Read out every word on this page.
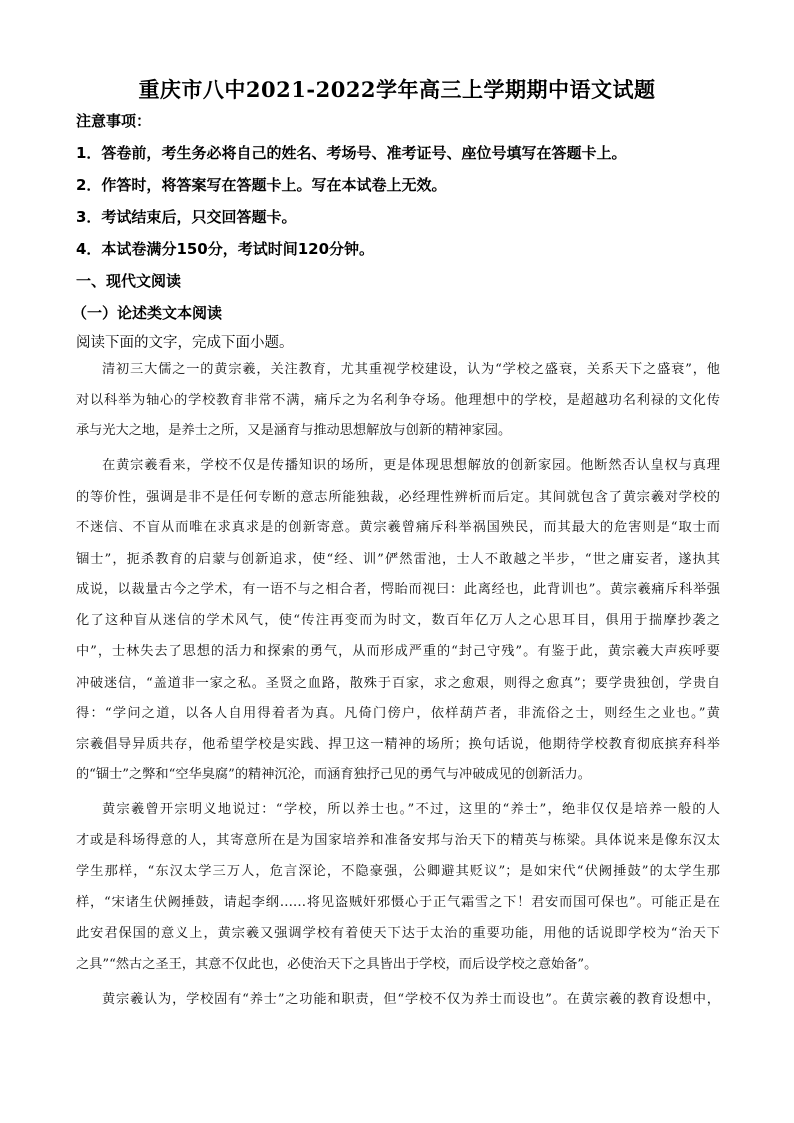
重庆市八中2021-2022学年高三上学期期中语文试题
注意事项：
1．答卷前，考生务必将自己的姓名、考场号、准考证号、座位号填写在答题卡上。
2．作答时，将答案写在答题卡上。写在本试卷上无效。
3．考试结束后，只交回答题卡。
4．本试卷满分150分，考试时间120分钟。
一、现代文阅读
（一）论述类文本阅读
阅读下面的文字，完成下面小题。
清初三大儒之一的黄宗羲，关注教育，尤其重视学校建设，认为“学校之盛衰，关系天下之盛衰”，他
对以科举为轴心的学校教育非常不满，痛斥之为名利争夺场。他理想中的学校，是超越功名利禄的文化传
承与光大之地，是养士之所，又是涵育与推动思想解放与创新的精神家园。
在黄宗羲看来，学校不仅是传播知识的场所，更是体现思想解放的创新家园。他断然否认皇权与真理
的等价性，强调是非不是任何专断的意志所能独裁，必经理性辨析而后定。其间就包含了黄宗羲对学校的
不迷信、不盲从而唯在求真求是的创新寄意。黄宗羲曾痛斥科举祸国殃民，而其最大的危害则是“取士而
锢士”，扼杀教育的启蒙与创新追求，使“经、训”俨然雷池，士人不敢越之半步，“世之庸妄者，遂执其
成说，以裁量古今之学术，有一语不与之相合者，愕眙而视曰：此离经也，此背训也”。黄宗羲痛斥科举强
化了这种盲从迷信的学术风气，使“传注再变而为时文，数百年亿万人之心思耳目，俱用于揣摩抄袭之
中”，士林失去了思想的活力和探索的勇气，从而形成严重的“封己守残”。有鉴于此，黄宗羲大声疾呼要
冲破迷信，“盖道非一家之私。圣贤之血路，散殊于百家，求之愈艰，则得之愈真”；要学贵独创，学贵自
得：“学问之道，以各人自用得着者为真。凡倚门傍户，依样葫芦者，非流俗之士，则经生之业也。”黄
宗羲倡导异质共存，他希望学校是实践、捍卫这一精神的场所；换句话说，他期待学校教育彻底摈弃科举
的“锢士”之弊和“空华臭腐”的精神沉沦，而涵育独抒己见的勇气与冲破成见的创新活力。
黄宗羲曾开宗明义地说过：“学校，所以养士也。”不过，这里的“养士”，绝非仅仅是培养一般的人
才或是科场得意的人，其寄意所在是为国家培养和准备安邦与治天下的精英与栋梁。具体说来是像东汉太
学生那样，“东汉太学三万人，危言深论，不隐豪强，公卿避其贬议”；是如宋代“伏阙捶鼓”的太学生那
样，“宋诸生伏阙捶鼓，请起李纲……将见盗贼奸邪慑心于正气霜雪之下！君安而国可保也”。可能正是在
此安君保国的意义上，黄宗羲又强调学校有着使天下达于太治的重要功能，用他的话说即学校为“治天下
之具”“然古之圣王，其意不仅此也，必使治天下之具皆出于学校，而后设学校之意始备”。
黄宗羲认为，学校固有“养士”之功能和职责，但“学校不仅为养士而设也”。在黄宗羲的教育设想中，
